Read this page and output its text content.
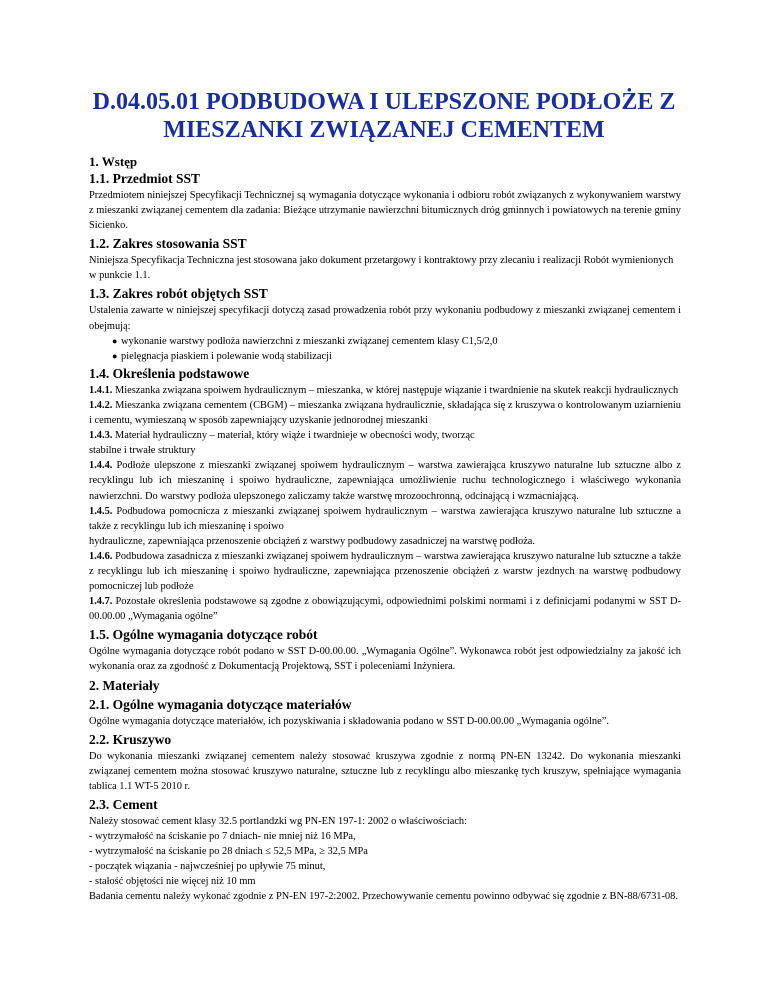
D.04.05.01 PODBUDOWA I ULEPSZONE PODŁOŻE Z MIESZANKI ZWIĄZANEJ CEMENTEM
1. Wstęp
1.1. Przedmiot SST

Przedmiotem niniejszej Specyfikacji Technicznej są wymagania dotyczące wykonania i odbioru robót związanych z wykonywaniem warstwy z mieszanki związanej cementem dla zadania: Bieżące utrzymanie nawierzchni bitumicznych dróg gminnych i powiatowych na terenie gminy Sicienko.

1.2. Zakres stosowania SST

Niniejsza Specyfikacja Techniczna jest stosowana jako dokument przetargowy i kontraktowy przy zlecaniu i realizacji Robót wymienionych w punkcie 1.1.

1.3. Zakres robót objętych SST

Ustalenia zawarte w niniejszej specyfikacji dotyczą zasad prowadzenia robót przy wykonaniu podbudowy z mieszanki związanej cementem i obejmują:

● wykonanie warstwy podłoża nawierzchni z mieszanki związanej cementem klasy C1,5/2,0
● pielęgnacja piaskiem i polewanie wodą stabilizacji
1.4. Określenia podstawowe

1.4.1. Mieszanka związana spoiwem hydraulicznym – mieszanka, w której następuje wiązanie i twardnienie na skutek reakcji hydraulicznych

1.4.2. Mieszanka związana cementem (CBGM) – mieszanka związana hydraulicznie, składająca się z kruszywa o kontrolowanym uziarnieniu i cementu, wymieszaną w sposób zapewniający uzyskanie jednorodnej mieszanki

1.4.3. Materiał hydrauliczny – materiał, który wiąże i twardnieje w obecności wody, tworząc

stabilne i trwałe struktury

1.4.4. Podłoże ulepszone z mieszanki związanej spoiwem hydraulicznym – warstwa zawierająca kruszywo naturalne lub sztuczne albo z recyklingu lub ich mieszaninę i spoiwo hydrauliczne, zapewniająca umożliwienie ruchu technologicznego i właściwego wykonania nawierzchni. Do warstwy podłoża ulepszonego zaliczamy także warstwę mrozoochronną, odcinającą i wzmacniającą.

1.4.5. Podbudowa pomocnicza z mieszanki związanej spoiwem hydraulicznym – warstwa zawierająca kruszywo naturalne lub sztuczne a także z recyklingu lub ich mieszaninę i spoiwo

hydrauliczne, zapewniająca przenoszenie obciążeń z warstwy podbudowy zasadniczej na warstwę podłoża.

1.4.6. Podbudowa zasadnicza z mieszanki związanej spoiwem hydraulicznym – warstwa zawierająca kruszywo naturalne lub sztuczne a także z recyklingu lub ich mieszaninę i spoiwo hydrauliczne, zapewniająca przenoszenie obciążeń z warstw jezdnych na warstwę podbudowy pomocniczej lub podłoże

1.4.7. Pozostałe określenia podstawowe są zgodne z obowiązującymi, odpowiednimi polskimi normami i z definicjami podanymi w SST D-00.00.00 „Wymagania ogólne”

1.5. Ogólne wymagania dotyczące robót

Ogólne wymagania dotyczące robót podano w SST D-00.00.00. „Wymagania Ogólne”. Wykonawca robót jest odpowiedzialny za jakość ich wykonania oraz za zgodność z Dokumentacją Projektową, SST i poleceniami Inżyniera.

2. Materiały
2.1. Ogólne wymagania dotyczące materiałów

Ogólne wymagania dotyczące materiałów, ich pozyskiwania i składowania podano w SST D-00.00.00 „Wymagania ogólne”.

2.2. Kruszywo

Do wykonania mieszanki związanej cementem należy stosować kruszywa zgodnie z normą PN-EN 13242. Do wykonania mieszanki związanej cementem można stosować kruszywo naturalne, sztuczne lub z recyklingu albo mieszankę tych kruszyw, spełniające wymagania tablica 1.1 WT-5 2010 r.

2.3. Cement

Należy stosować cement klasy 32.5 portlandzki wg PN-EN 197-1: 2002 o właściwościach:

- wytrzymałość na ściskanie po 7 dniach- nie mniej niż 16 MPa,

- wytrzymałość na ściskanie po 28 dniach ≤ 52,5 MPa, ≥ 32,5 MPa

- początek wiązania - najwcześniej po upływie 75 minut,

- stałość objętości nie więcej niż 10 mm

Badania cementu należy wykonać zgodnie z PN-EN 197-2:2002. Przechowywanie cementu powinno odbywać się zgodnie z BN-88/6731-08.
